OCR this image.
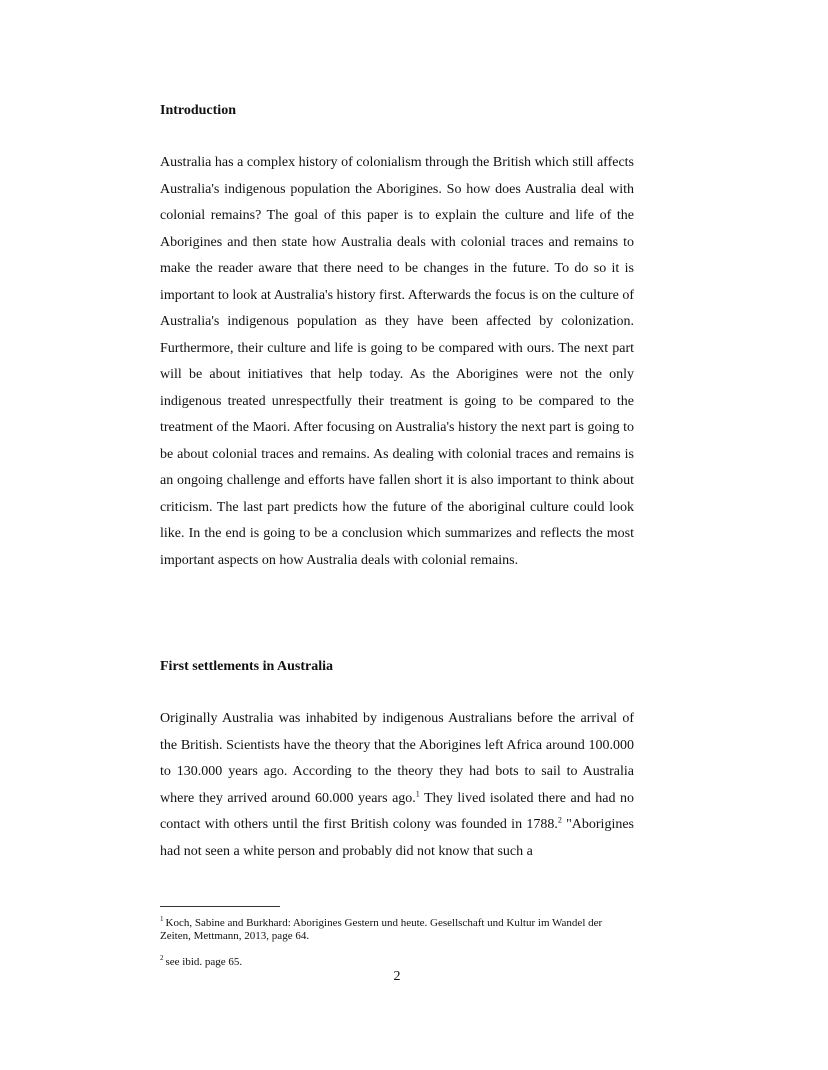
Introduction

Australia has a complex history of colonialism through the British which still affects Australia's indigenous population the Aborigines. So how does Australia deal with colonial remains? The goal of this paper is to explain the culture and life of the Aborigines and then state how Australia deals with colonial traces and remains to make the reader aware that there need to be changes in the future. To do so it is important to look at Australia's history first. Afterwards the focus is on the culture of Australia's indigenous population as they have been affected by colonization. Furthermore, their culture and life is going to be compared with ours. The next part will be about initiatives that help today. As the Aborigines were not the only indigenous treated unrespectfully their treatment is going to be compared to the treatment of the Maori. After focusing on Australia's history the next part is going to be about colonial traces and remains. As dealing with colonial traces and remains is an ongoing challenge and efforts have fallen short it is also important to think about criticism. The last part predicts how the future of the aboriginal culture could look like. In the end is going to be a conclusion which summarizes and reflects the most important aspects on how Australia deals with colonial remains.

First settlements in Australia

Originally Australia was inhabited by indigenous Australians before the arrival of the British. Scientists have the theory that the Aborigines left Africa around 100.000 to 130.000 years ago. According to the theory they had bots to sail to Australia where they arrived around 60.000 years ago.$^1$ They lived isolated there and had no contact with others until the first British colony was founded in 1788.$^2$ "Aborigines had not seen a white person and probably did not know that such a

$^1$ Koch, Sabine and Burkhard: Aborigines Gestern und heute. Gesellschaft und Kultur im Wandel der Zeiten, Mettmann, 2013, page 64.

$^2$ see ibid. page 65.

2
